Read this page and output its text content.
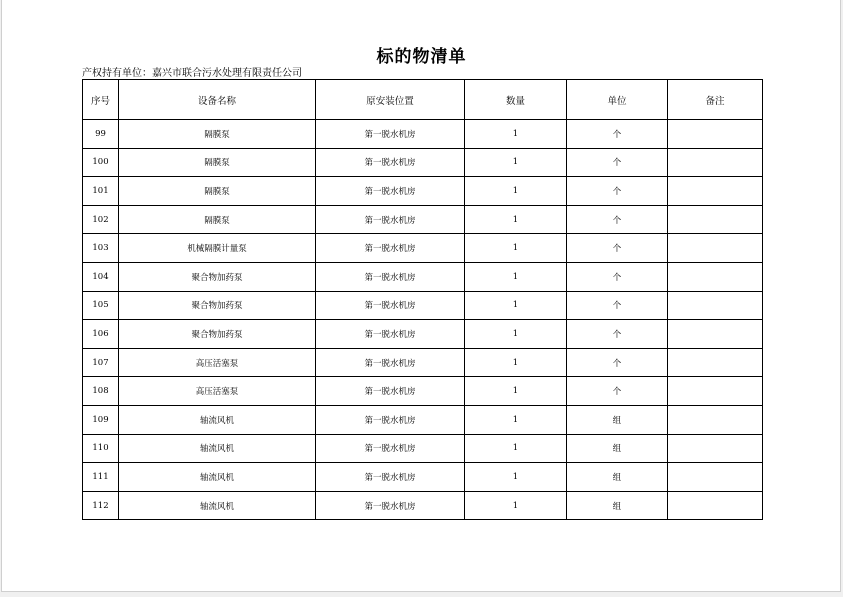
标的物清单
产权持有单位：嘉兴市联合污水处理有限责任公司
序号	设备名称	原安装位置	数量	单位	备注
99	隔膜泵	第一脱水机房	1	个	
100	隔膜泵	第一脱水机房	1	个	
101	隔膜泵	第一脱水机房	1	个	
102	隔膜泵	第一脱水机房	1	个	
103	机械隔膜计量泵	第一脱水机房	1	个	
104	聚合物加药泵	第一脱水机房	1	个	
105	聚合物加药泵	第一脱水机房	1	个	
106	聚合物加药泵	第一脱水机房	1	个	
107	高压活塞泵	第一脱水机房	1	个	
108	高压活塞泵	第一脱水机房	1	个	
109	轴流风机	第一脱水机房	1	组	
110	轴流风机	第一脱水机房	1	组	
111	轴流风机	第一脱水机房	1	组	
112	轴流风机	第一脱水机房	1	组	
